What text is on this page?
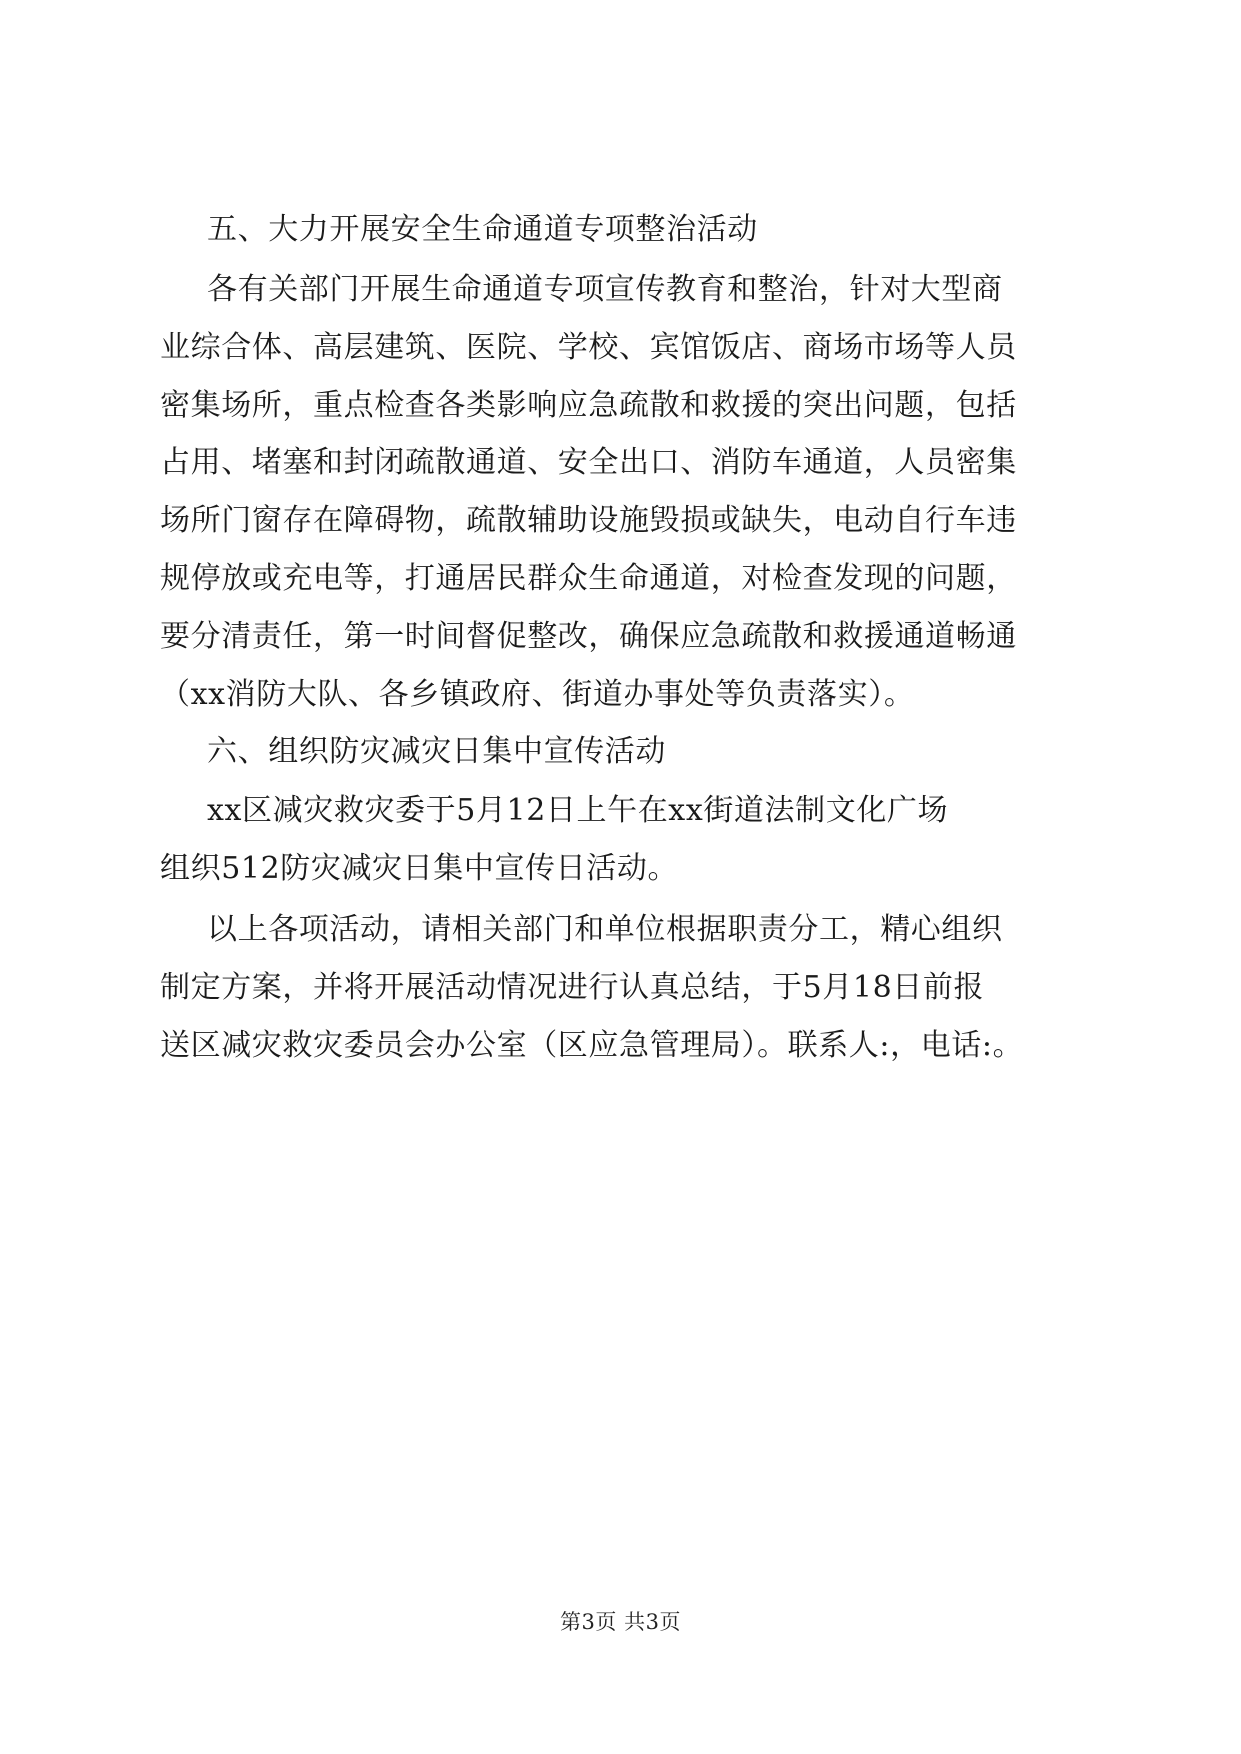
五、大力开展安全生命通道专项整治活动
各有关部门开展生命通道专项宣传教育和整治，针对大型商
业综合体、高层建筑、医院、学校、宾馆饭店、商场市场等人员
密集场所，重点检查各类影响应急疏散和救援的突出问题，包括
占用、堵塞和封闭疏散通道、安全出口、消防车通道，人员密集
场所门窗存在障碍物，疏散辅助设施毁损或缺失，电动自行车违
规停放或充电等，打通居民群众生命通道，对检查发现的问题，
要分清责任，第一时间督促整改，确保应急疏散和救援通道畅通
（xx消防大队、各乡镇政府、街道办事处等负责落实）。
六、组织防灾减灾日集中宣传活动
xx区减灾救灾委于5月12日上午在xx街道法制文化广场
组织512防灾减灾日集中宣传日活动。
以上各项活动，请相关部门和单位根据职责分工，精心组织
制定方案，并将开展活动情况进行认真总结，于5月18日前报
送区减灾救灾委员会办公室（区应急管理局）。联系人:，电话:。
第3页 共3页
